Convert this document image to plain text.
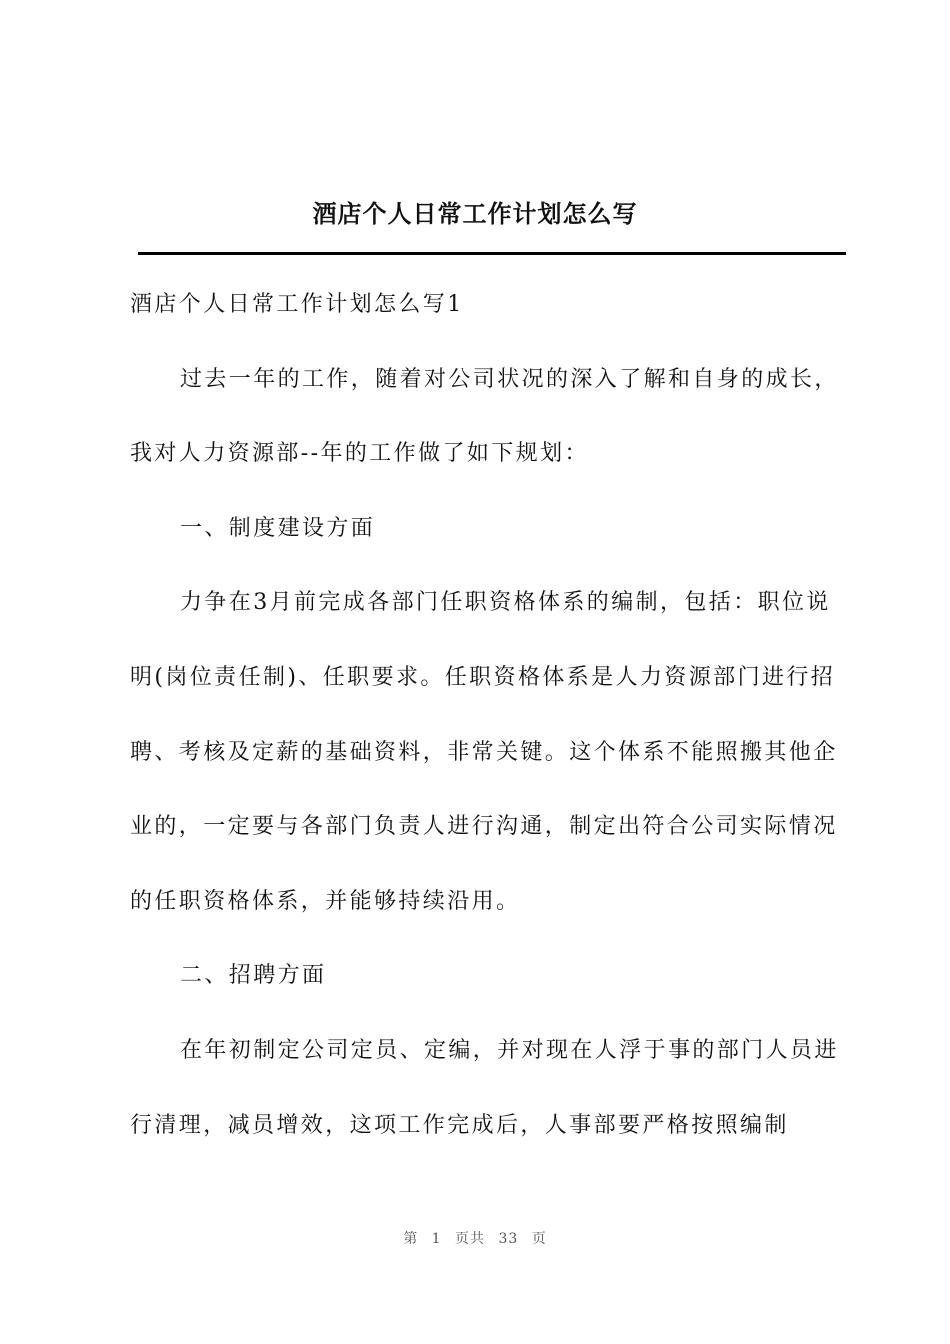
酒店个人日常工作计划怎么写

酒店个人日常工作计划怎么写1

过去一年的工作，随着对公司状况的深入了解和自身的成长，我对人力资源部--年的工作做了如下规划：

一、制度建设方面

力争在3月前完成各部门任职资格体系的编制，包括：职位说明(岗位责任制)、任职要求。任职资格体系是人力资源部门进行招聘、考核及定薪的基础资料，非常关键。这个体系不能照搬其他企业的，一定要与各部门负责人进行沟通，制定出符合公司实际情况的任职资格体系，并能够持续沿用。

二、招聘方面

在年初制定公司定员、定编，并对现在人浮于事的部门人员进行清理，减员增效，这项工作完成后，人事部要严格按照编制

第 1 页共 33 页
